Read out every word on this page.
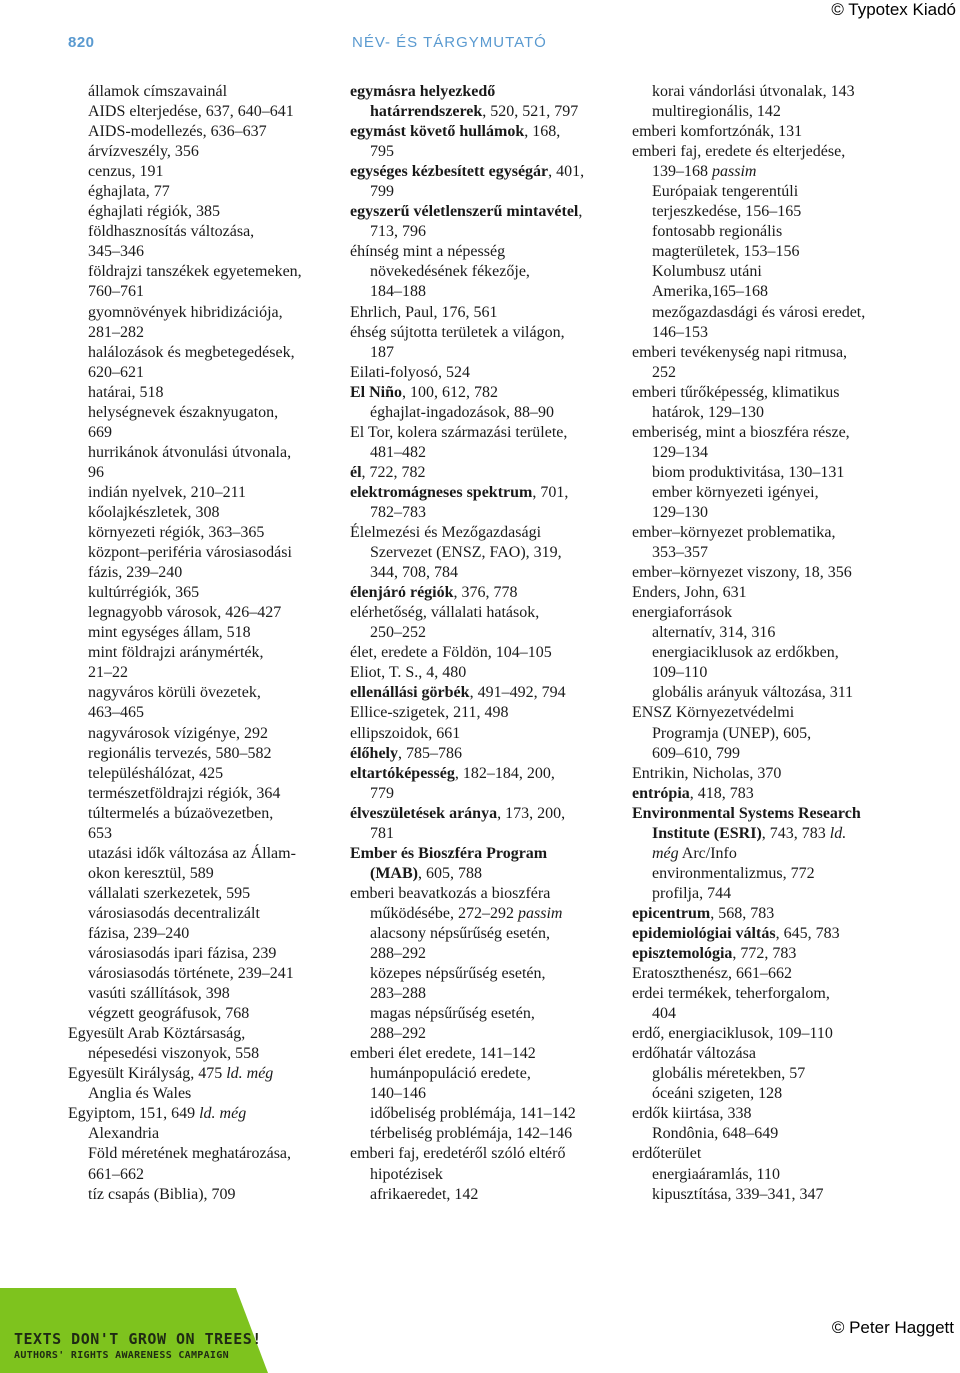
© Typotex Kiadó
820	NÉV- ÉS TÁRGYMUTATÓ
államok címszavainál
AIDS elterjedése, 637, 640–641
AIDS-modellezés, 636–637
árvízveszély, 356
cenzus, 191
éghajlata, 77
éghajlati régiók, 385
földhasznosítás változása,
345–346
földrajzi tanszékek egyetemeken,
760–761
gyomnövények hibridizációja,
281–282
halálozások és megbetegedések,
620–621
határai, 518
helységnevek északnyugaton,
669
hurrikánok átvonulási útvonala,
96
indián nyelvek, 210–211
kőolajkészletek, 308
környezeti régiók, 363–365
központ–periféria városiasodási
fázis, 239–240
kultúrrégiók, 365
legnagyobb városok, 426–427
mint egységes állam, 518
mint földrajzi aránymérték,
21–22
nagyváros körüli övezetek,
463–465
nagyvárosok vízigénye, 292
regionális tervezés, 580–582
településhálózat, 425
természetföldrajzi régiók, 364
túltermelés a búzaövezetben,
653
utazási idők változása az Állam-
okon keresztül, 589
vállalati szerkezetek, 595
városiasodás decentralizált
fázisa, 239–240
városiasodás ipari fázisa, 239
városiasodás története, 239–241
vasúti szállítások, 398
végzett geográfusok, 768
Egyesült Arab Köztársaság,
népesedési viszonyok, 558
Egyesült Királyság, 475 ld. még
Anglia és Wales
Egyiptom, 151, 649 ld. még
Alexandria
Föld méretének meghatározása,
661–662
tíz csapás (Biblia), 709
egymásra helyezkedő
határrendszerek, 520, 521, 797
egymást követő hullámok, 168,
795
egységes kézbesített egységár, 401,
799
egyszerű véletlenszerű mintavétel,
713, 796
éhínség mint a népesség
növekedésének fékezője,
184–188
Ehrlich, Paul, 176, 561
éhség sújtotta területek a világon,
187
Eilati-folyosó, 524
El Niño, 100, 612, 782
éghajlat-ingadozások, 88–90
El Tor, kolera származási területe,
481–482
él, 722, 782
elektromágneses spektrum, 701,
782–783
Élelmezési és Mezőgazdasági
Szervezet (ENSZ, FAO), 319,
344, 708, 784
élenjáró régiók, 376, 778
elérhetőség, vállalati hatások,
250–252
élet, eredete a Földön, 104–105
Eliot, T. S., 4, 480
ellenállási görbék, 491–492, 794
Ellice-szigetek, 211, 498
ellipszoidok, 661
élőhely, 785–786
eltartóképesség, 182–184, 200,
779
élveszületések aránya, 173, 200,
781
Ember és Bioszféra Program
(MAB), 605, 788
emberi beavatkozás a bioszféra
működésébe, 272–292 passim
alacsony népsűrűség esetén,
288–292
közepes népsűrűség esetén,
283–288
magas népsűrűség esetén,
288–292
emberi élet eredete, 141–142
humánpopuláció eredete,
140–146
időbeliség problémája, 141–142
térbeliség problémája, 142–146
emberi faj, eredetéről szóló eltérő
hipotézisek
afrikaeredet, 142
korai vándorlási útvonalak, 143
multiregionális, 142
emberi komfortzónák, 131
emberi faj, eredete és elterjedése,
139–168 passim
Európaiak tengerentúli
terjeszkedése, 156–165
fontosabb regionális
magterületek, 153–156
Kolumbusz utáni
Amerika,165–168
mezőgazdasdági és városi eredet,
146–153
emberi tevékenység napi ritmusa,
252
emberi tűrőképesség, klimatikus
határok, 129–130
emberiség, mint a bioszféra része,
129–134
biom produktivitása, 130–131
ember környezeti igényei,
129–130
ember–környezet problematika,
353–357
ember–környezet viszony, 18, 356
Enders, John, 631
energiaforrások
alternatív, 314, 316
energiaciklusok az erdőkben,
109–110
globális arányuk változása, 311
ENSZ Környezetvédelmi
Programja (UNEP), 605,
609–610, 799
Entrikin, Nicholas, 370
entrópia, 418, 783
Environmental Systems Research
Institute (ESRI), 743, 783 ld.
még Arc/Info
environmentalizmus, 772
profilja, 744
epicentrum, 568, 783
epidemiológiai váltás, 645, 783
episztemológia, 772, 783
Eratoszthenész, 661–662
erdei termékek, teherforgalom,
404
erdő, energiaciklusok, 109–110
erdőhatár változása
globális méretekben, 57
óceáni szigeten, 128
erdők kiirtása, 338
Rondônia, 648–649
erdőterület
energiaáramlás, 110
kipusztítása, 339–341, 347
TEXTS DON'T GROW ON TREES!
AUTHORS' RIGHTS AWARENESS CAMPAIGN
© Peter Haggett
